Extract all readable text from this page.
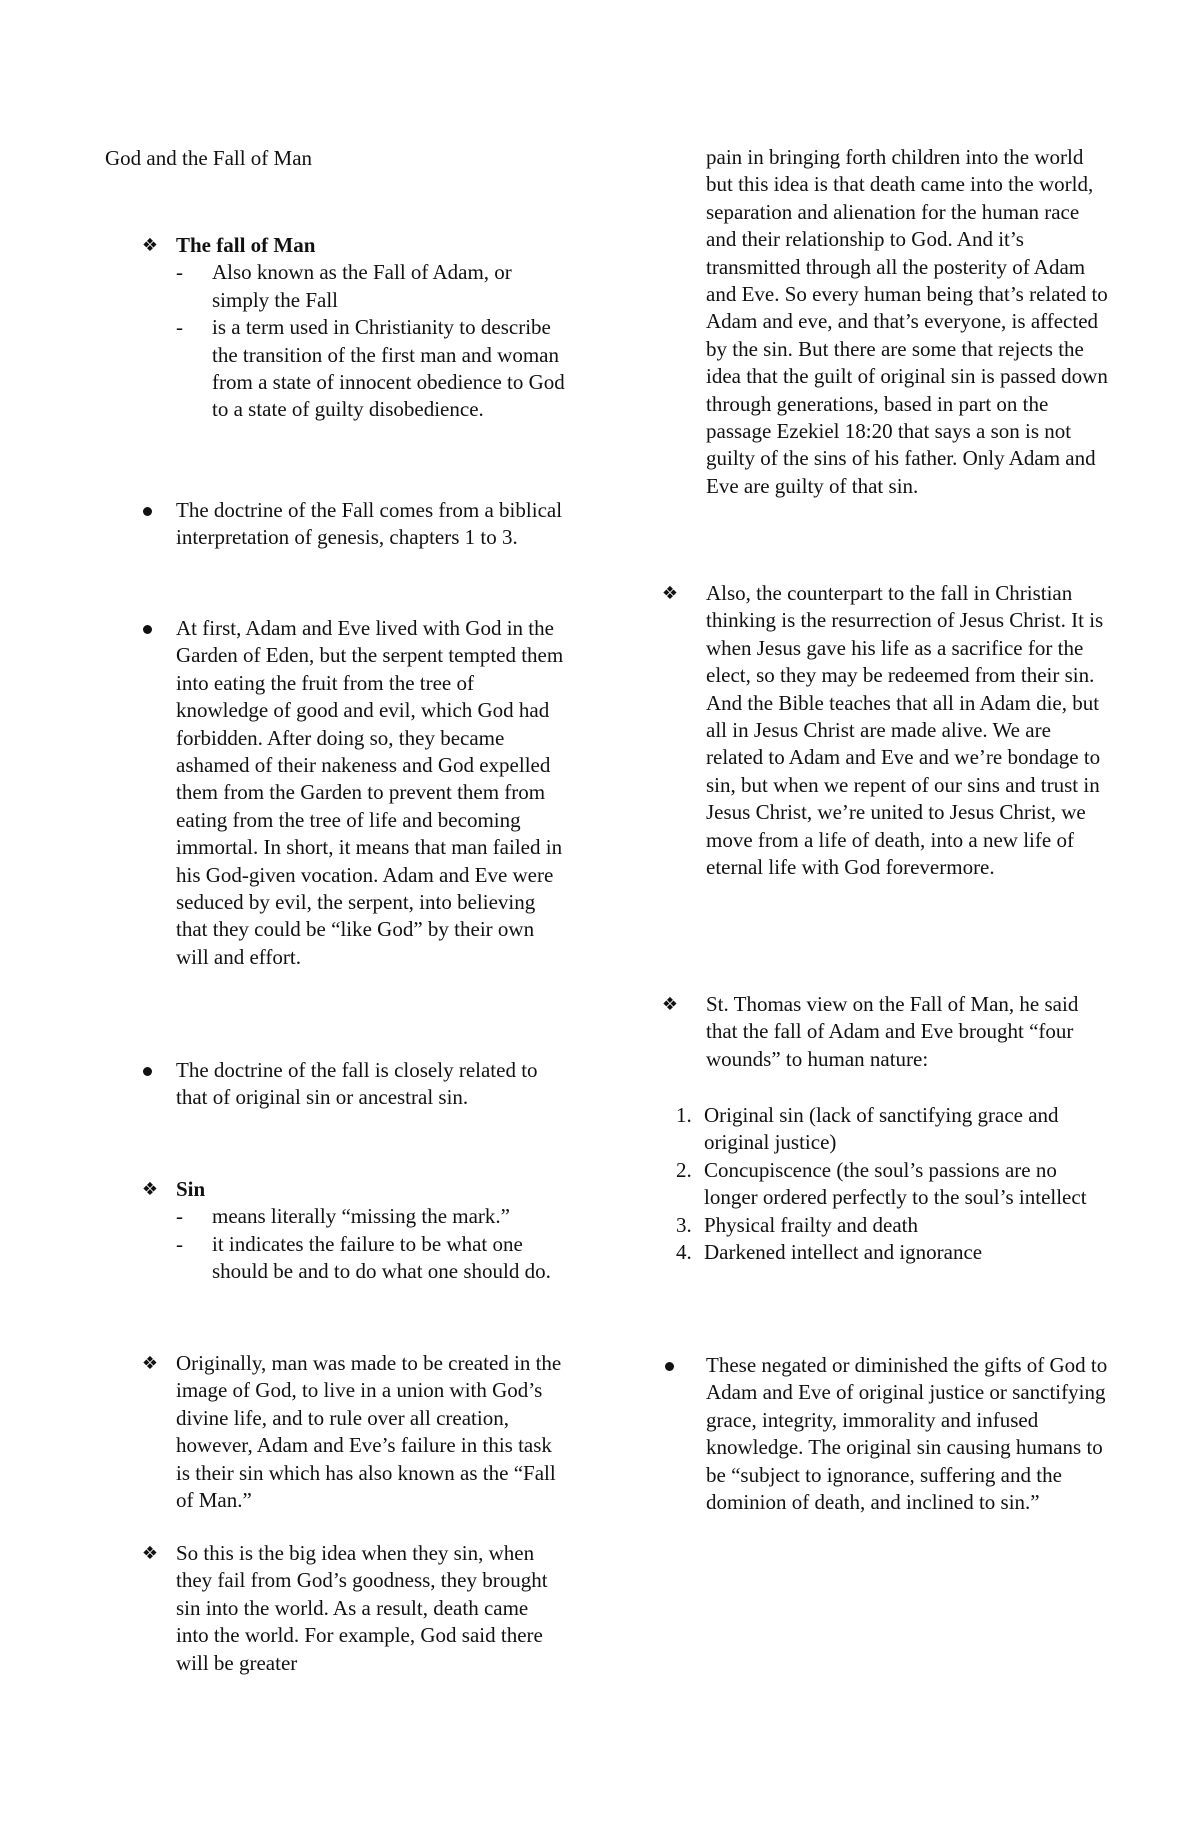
God and the Fall of Man
❖ The fall of Man
- Also known as the Fall of Adam, or simply the Fall
- is a term used in Christianity to describe the transition of the first man and woman from a state of innocent obedience to God to a state of guilty disobedience.

The doctrine of the Fall comes from a biblical interpretation of genesis, chapters 1 to 3.

At first, Adam and Eve lived with God in the Garden of Eden, but the serpent tempted them into eating the fruit from the tree of knowledge of good and evil, which God had forbidden. After doing so, they became ashamed of their nakeness and God expelled them from the Garden to prevent them from eating from the tree of life and becoming immortal. In short, it means that man failed in his God-given vocation. Adam and Eve were seduced by evil, the serpent, into believing that they could be “like God” by their own will and effort.

The doctrine of the fall is closely related to that of original sin or ancestral sin.

❖ Sin
- means literally “missing the mark.”
- it indicates the failure to be what one should be and to do what one should do.
❖ Originally, man was made to be created in the image of God, to live in a union with God’s divine life, and to rule over all creation, however, Adam and Eve’s failure in this task is their sin which has also known as the “Fall of Man.”

❖ So this is the big idea when they sin, when they fail from God’s goodness, they brought sin into the world. As a result, death came into the world. For example, God said there will be greater

pain in bringing forth children into the world but this idea is that death came into the world, separation and alienation for the human race and their relationship to God. And it’s transmitted through all the posterity of Adam and Eve. So every human being that’s related to Adam and eve, and that’s everyone, is affected by the sin. But there are some that rejects the idea that the guilt of original sin is passed down through generations, based in part on the passage Ezekiel 18:20 that says a son is not guilty of the sins of his father. Only Adam and Eve are guilty of that sin.

❖ Also, the counterpart to the fall in Christian thinking is the resurrection of Jesus Christ. It is when Jesus gave his life as a sacrifice for the elect, so they may be redeemed from their sin. And the Bible teaches that all in Adam die, but all in Jesus Christ are made alive. We are related to Adam and Eve and we’re bondage to sin, but when we repent of our sins and trust in Jesus Christ, we’re united to Jesus Christ, we move from a life of death, into a new life of eternal life with God forevermore.

❖ St. Thomas view on the Fall of Man, he said that the fall of Adam and Eve brought “four wounds” to human nature:

1. Original sin (lack of sanctifying grace and original justice)
2. Concupiscence (the soul’s passions are no longer ordered perfectly to the soul’s intellect
3. Physical frailty and death
4. Darkened intellect and ignorance

These negated or diminished the gifts of God to Adam and Eve of original justice or sanctifying grace, integrity, immorality and infused knowledge. The original sin causing humans to be “subject to ignorance, suffering and the dominion of death, and inclined to sin.”
